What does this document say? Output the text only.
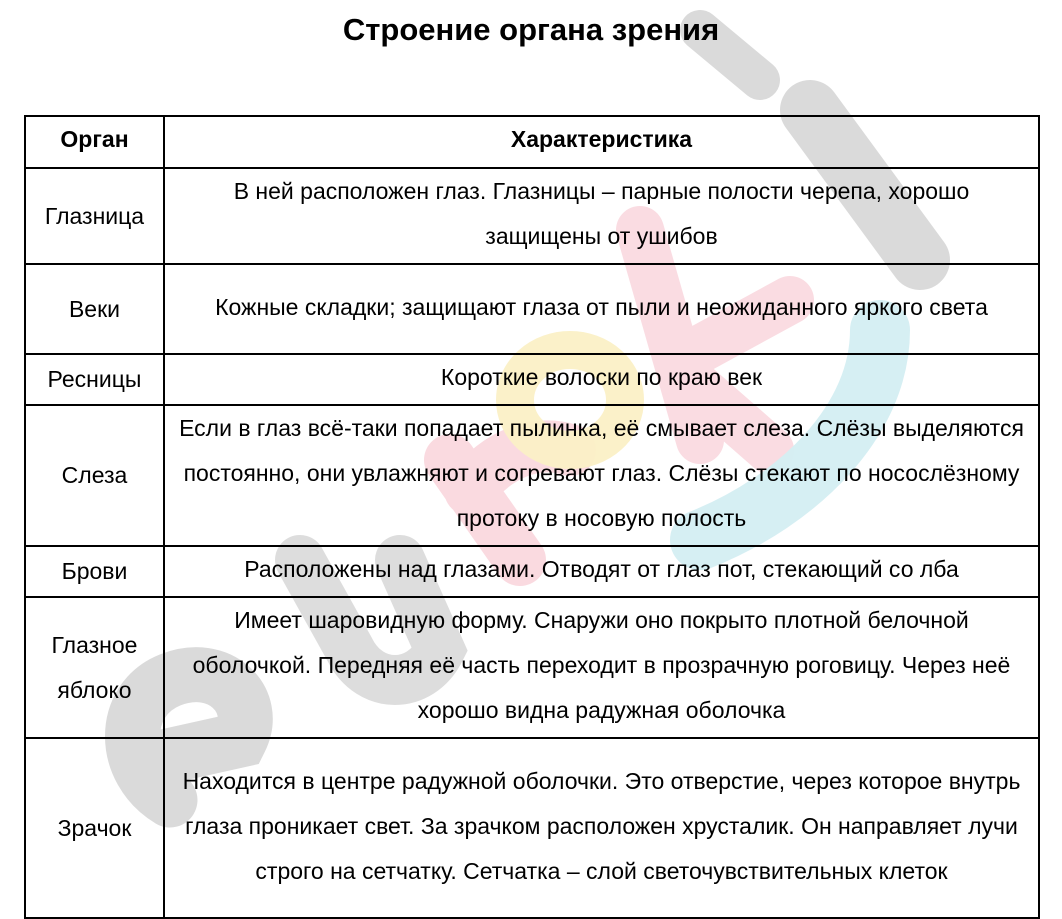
Строение органа зрения
Орган	Характеристика
Глазница	В ней расположен глаз. Глазницы – парные полости черепа, хорошо защищены от ушибов
Веки	Кожные складки; защищают глаза от пыли и неожиданного яркого света
Ресницы	Короткие волоски по краю век
Слеза	Если в глаз всё-таки попадает пылинка, её смывает слеза. Слёзы выделяются постоянно, они увлажняют и согревают глаз. Слёзы стекают по носослёзному протоку в носовую полость
Брови	Расположены над глазами. Отводят от глаз пот, стекающий со лба
Глазное яблоко	Имеет шаровидную форму. Снаружи оно покрыто плотной белочной оболочкой. Передняя её часть переходит в прозрачную роговицу. Через неё хорошо видна радужная оболочка
Зрачок	Находится в центре радужной оболочки. Это отверстие, через которое внутрь глаза проникает свет. За зрачком расположен хрусталик. Он направляет лучи строго на сетчатку. Сетчатка – слой светочувствительных клеток
